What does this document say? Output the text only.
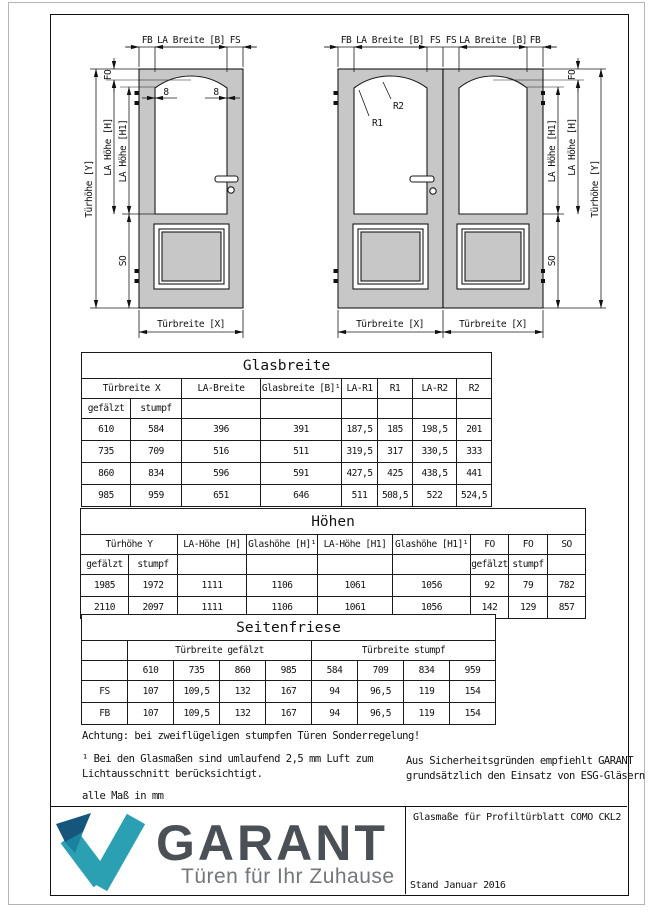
FB LA Breite [B] FS
FO
LA Höhe [H] LA Höhe [H1]
Türhöhe [Y]
SO
8	8
Türbreite [X]
FB LA Breite [B] FS FS LA Breite [B] FB
FO
LA Höhe [H]
LA Höhe [H1]
Türhöhe [Y]
SO
R1
R2
Türbreite [X]	Türbreite [X]
Glasbreite							
Türbreite X		LA-Breite	Glasbreite [B]¹	LA-R1	R1	LA-R2	R2
gefälzt	stumpf						
610	584	396	391	187,5	185	198,5	201
735	709	516	511	319,5	317	330,5	333
860	834	596	591	427,5	425	438,5	441
985	959	651	646	511	508,5	522	524,5
Höhen								
Türhöhe Y		LA-Höhe [H]	Glashöhe [H]¹	LA-Höhe [H1]	Glashöhe [H1]¹	FO	FO	SO
gefälzt	stumpf					gefälzt	stumpf	
1985	1972	1111	1106	1061	1056	92	79	782
2110	2097	1111	1106	1061	1056	142	129	857
Seitenfriese								
	Türbreite gefälzt				Türbreite stumpf			
	610	735	860	985	584	709	834	959
FS	107	109,5	132	167	94	96,5	119	154
FB	107	109,5	132	167	94	96,5	119	154
Achtung: bei zweiflügeligen stumpfen Türen Sonderregelung!
¹ Bei den Glasmaßen sind umlaufend 2,5 mm Luft zum
Lichtausschnitt berücksichtigt.
alle Maß in mm
Aus Sicherheitsgründen empfiehlt GARANT
grundsätzlich den Einsatz von ESG-Gläsern
GARANT
Türen für Ihr Zuhause
Glasmaße für Profiltürblatt COMO CKL2
Stand Januar 2016
